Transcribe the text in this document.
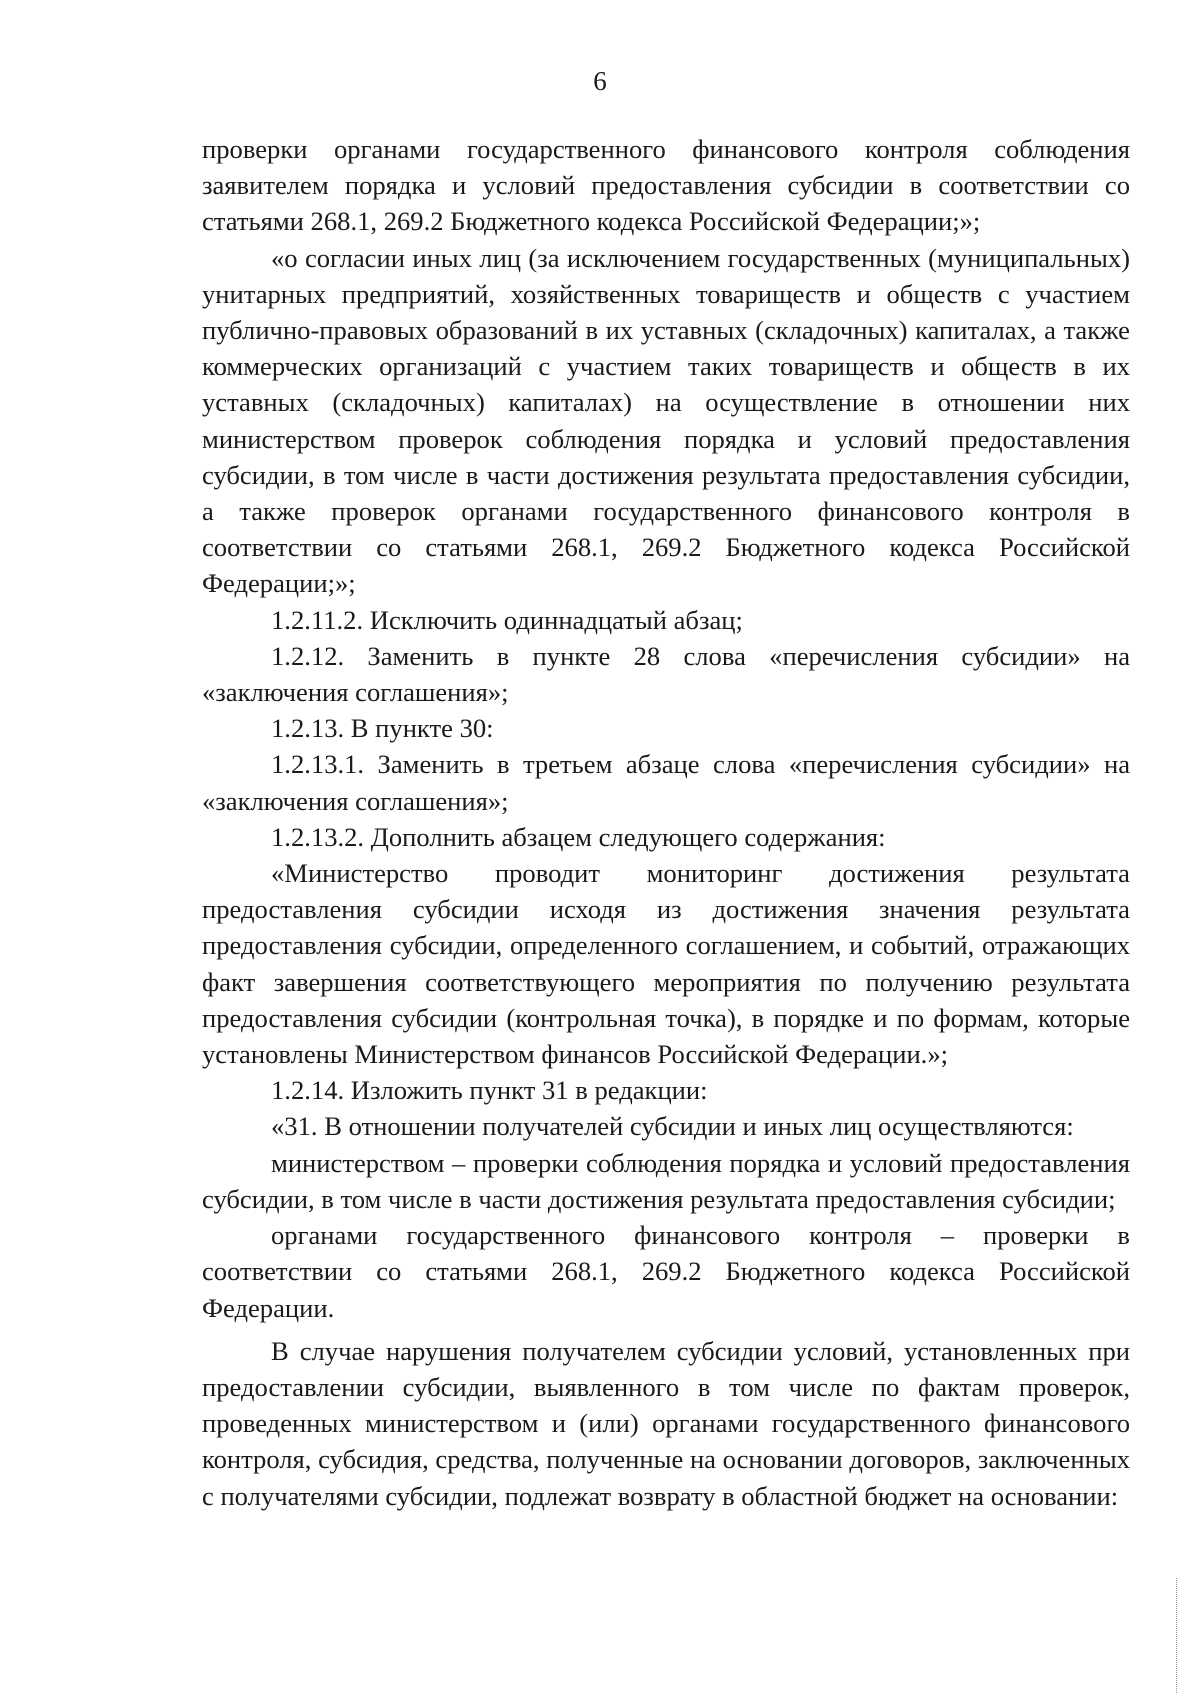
6

проверки органами государственного финансового контроля соблюдения заявителем порядка и условий предоставления субсидии в соответствии со статьями 268.1, 269.2 Бюджетного кодекса Российской Федерации;»;

«о согласии иных лиц (за исключением государственных (муниципальных) унитарных предприятий, хозяйственных товариществ и обществ с участием публично-правовых образований в их уставных (складочных) капиталах, а также коммерческих организаций с участием таких товариществ и обществ в их уставных (складочных) капиталах) на осуществление в отношении них министерством проверок соблюдения порядка и условий предоставления субсидии, в том числе в части достижения результата предоставления субсидии, а также проверок органами государственного финансового контроля в соответствии со статьями 268.1, 269.2 Бюджетного кодекса Российской Федерации;»;

1.2.11.2. Исключить одиннадцатый абзац;

1.2.12. Заменить в пункте 28 слова «перечисления субсидии» на «заключения соглашения»;

1.2.13. В пункте 30:

1.2.13.1. Заменить в третьем абзаце слова «перечисления субсидии» на «заключения соглашения»;

1.2.13.2. Дополнить абзацем следующего содержания:

«Министерство проводит мониторинг достижения результата предоставления субсидии исходя из достижения значения результата предоставления субсидии, определенного соглашением, и событий, отражающих факт завершения соответствующего мероприятия по получению результата предоставления субсидии (контрольная точка), в порядке и по формам, которые установлены Министерством финансов Российской Федерации.»;

1.2.14. Изложить пункт 31 в редакции:

«31. В отношении получателей субсидии и иных лиц осуществляются:

министерством – проверки соблюдения порядка и условий предоставления субсидии, в том числе в части достижения результата предоставления субсидии;

органами государственного финансового контроля – проверки в соответствии со статьями 268.1, 269.2 Бюджетного кодекса Российской Федерации.

В случае нарушения получателем субсидии условий, установленных при предоставлении субсидии, выявленного в том числе по фактам проверок, проведенных министерством и (или) органами государственного финансового контроля, субсидия, средства, полученные на основании договоров, заключенных с получателями субсидии, подлежат возврату в областной бюджет на основании:
